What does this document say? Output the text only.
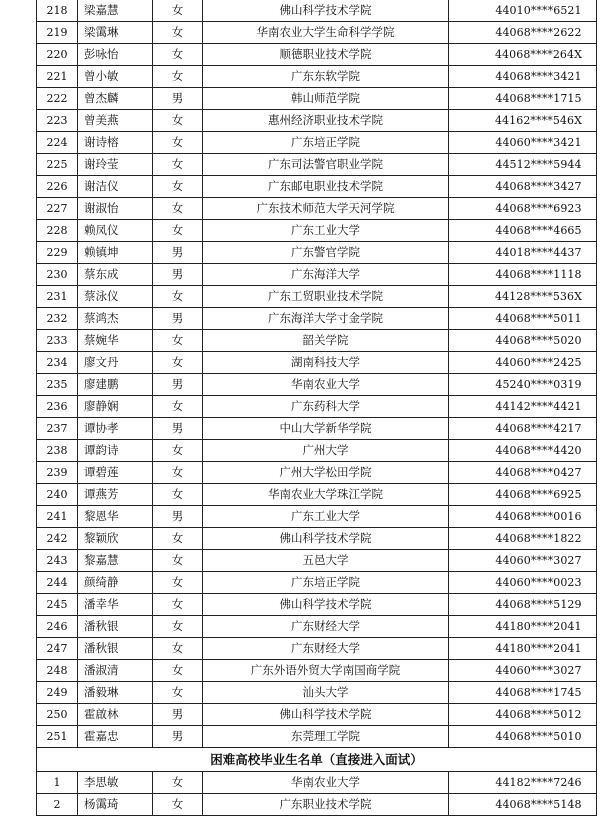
218	梁嘉慧	女	佛山科学技术学院	44010****6521
219	梁霭琳	女	华南农业大学生命科学学院	44068****2622
220	彭咏怡	女	顺德职业技术学院	44068****264X
221	曾小敏	女	广东东软学院	44068****3421
222	曾杰麟	男	韩山师范学院	44068****1715
223	曾美燕	女	惠州经济职业技术学院	44162****546X
224	谢诗榕	女	广东培正学院	44060****3421
225	谢玲莹	女	广东司法警官职业学院	44512****5944
226	谢洁仪	女	广东邮电职业技术学院	44068****3427
227	谢淑怡	女	广东技术师范大学天河学院	44068****6923
228	赖凤仪	女	广东工业大学	44068****4665
229	赖镇坤	男	广东警官学院	44018****4437
230	蔡东成	男	广东海洋大学	44068****1118
231	蔡泳仪	女	广东工贸职业技术学院	44128****536X
232	蔡鸿杰	男	广东海洋大学寸金学院	44068****5011
233	蔡婉华	女	韶关学院	44068****5020
234	廖文丹	女	湖南科技大学	44060****2425
235	廖建鹏	男	华南农业大学	45240****0319
236	廖静娴	女	广东药科大学	44142****4421
237	谭协孝	男	中山大学新华学院	44068****4217
238	谭韵诗	女	广州大学	44068****4420
239	谭碧莲	女	广州大学松田学院	44068****0427
240	谭燕芳	女	华南农业大学珠江学院	44068****6925
241	黎恩华	男	广东工业大学	44068****0016
242	黎颖欣	女	佛山科学技术学院	44068****1822
243	黎嘉慧	女	五邑大学	44060****3027
244	颜绮静	女	广东培正学院	44060****0023
245	潘幸华	女	佛山科学技术学院	44068****5129
246	潘秋银	女	广东财经大学	44180****2041
247	潘秋银	女	广东财经大学	44180****2041
248	潘淑清	女	广东外语外贸大学南国商学院	44060****3027
249	潘毅琳	女	汕头大学	44068****1745
250	霍啟林	男	佛山科学技术学院	44068****5012
251	霍嘉忠	男	东莞理工学院	44068****5010
困难高校毕业生名单（直接进入面试）				
1	李思敏	女	华南农业大学	44182****7246
2	杨霭琦	女	广东职业技术学院	44068****5148
